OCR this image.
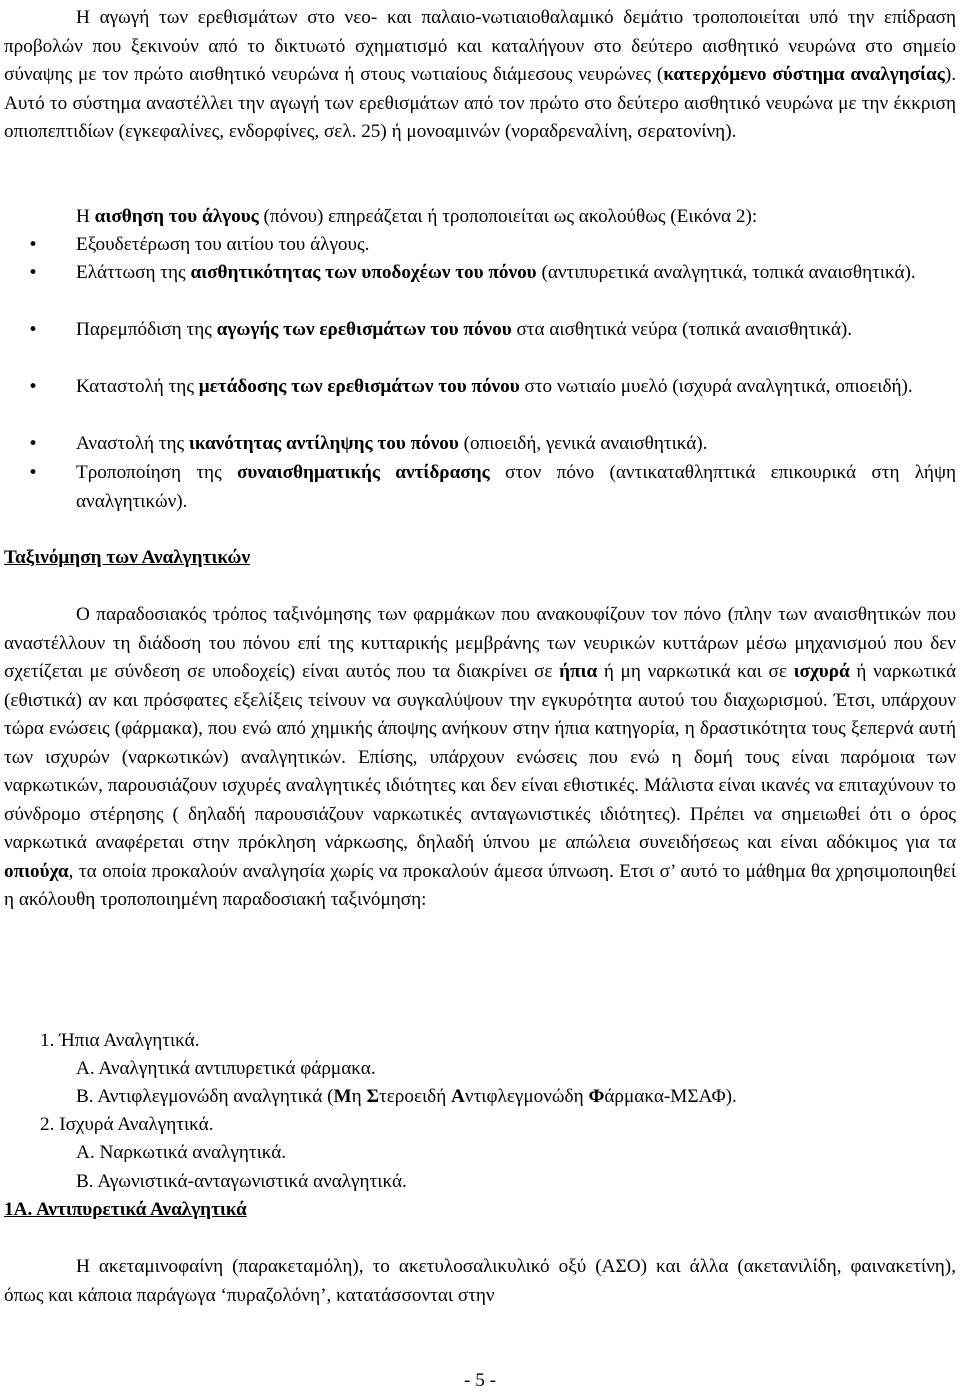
Η αγωγή των ερεθισμάτων στο νεο- και παλαιο-νωτιαιοθαλαμικό δεμάτιο τροποποιείται υπό την επίδραση προβολών που ξεκινούν από το δικτυωτό σχηματισμό και καταλήγουν στο δεύτερο αισθητικό νευρώνα στο σημείο σύναψης με τον πρώτο αισθητικό νευρώνα ή στους νωτιαίους διάμεσους νευρώνες (κατερχόμενο σύστημα αναλγησίας). Αυτό το σύστημα αναστέλλει την αγωγή των ερεθισμάτων από τον πρώτο στο δεύτερο αισθητικό νευρώνα με την έκκριση οπιοπεπτιδίων (εγκεφαλίνες, ενδορφίνες, σελ. 25) ή μονοαμινών (νοραδρεναλίνη, σερατονίνη).

Η αισθηση του άλγους (πόνου) επηρεάζεται ή τροποποιείται ως ακολούθως (Εικόνα 2):

•
Εξουδετέρωση του αιτίου του άλγους.
•
Ελάττωση της αισθητικότητας των υποδοχέων του πόνου (αντιπυρετικά αναλγητικά, τοπικά αναισθητικά).
•
Παρεμπόδιση της αγωγής των ερεθισμάτων του πόνου στα αισθητικά νεύρα (τοπικά αναισθητικά).
•
Καταστολή της μετάδοσης των ερεθισμάτων του πόνου στο νωτιαίο μυελό (ισχυρά αναλγητικά, οπιοειδή).
•
Αναστολή της ικανότητας αντίληψης του πόνου (οπιοειδή, γενικά αναισθητικά).
•
Τροποποίηση της συναισθηματικής αντίδρασης στον πόνο (αντικαταθληπτικά επικουρικά στη λήψη αναλγητικών).
Ταξινόμηση των Αναλγητικών

Ο παραδοσιακός τρόπος ταξινόμησης των φαρμάκων που ανακουφίζουν τον πόνο (πλην των αναισθητικών που αναστέλλουν τη διάδοση του πόνου επί της κυτταρικής μεμβράνης των νευρικών κυττάρων μέσω μηχανισμού που δεν σχετίζεται με σύνδεση σε υποδοχείς) είναι αυτός που τα διακρίνει σε ήπια ή μη ναρκωτικά και σε ισχυρά ή ναρκωτικά (εθιστικά) αν και πρόσφατες εξελίξεις τείνουν να συγκαλύψουν την εγκυρότητα αυτού του διαχωρισμού. Έτσι, υπάρχουν τώρα ενώσεις (φάρμακα), που ενώ από χημικής άποψης ανήκουν στην ήπια κατηγορία, η δραστικότητα τους ξεπερνά αυτή των ισχυρών (ναρκωτικών) αναλγητικών. Επίσης, υπάρχουν ενώσεις που ενώ η δομή τους είναι παρόμοια των ναρκωτικών, παρουσιάζουν ισχυρές αναλγητικές ιδιότητες και δεν είναι εθιστικές. Μάλιστα είναι ικανές να επιταχύνουν το σύνδρομο στέρησης ( δηλαδή παρουσιάζουν ναρκωτικές ανταγωνιστικές ιδιότητες). Πρέπει να σημειωθεί ότι ο όρος ναρκωτικά αναφέρεται στην πρόκληση νάρκωσης, δηλαδή ύπνου με απώλεια συνειδήσεως και είναι αδόκιμος για τα οπιούχα, τα οποία προκαλούν αναλγησία χωρίς να προκαλούν άμεσα ύπνωση. Ετσι σ’ αυτό το μάθημα θα χρησιμοποιηθεί η ακόλουθη τροποποιημένη παραδοσιακή ταξινόμηση:

1. Ήπια Αναλγητικά.
Α. Αναλγητικά αντιπυρετικά φάρμακα.
Β. Αντιφλεγμονώδη αναλγητικά (Μη Στεροειδή Αντιφλεγμονώδη Φάρμακα-ΜΣΑΦ).
2. Ισχυρά Αναλγητικά.
Α. Ναρκωτικά αναλγητικά.
Β. Αγωνιστικά-ανταγωνιστικά αναλγητικά.
1Α. Αντιπυρετικά Αναλγητικά

Η ακεταμινοφαίνη (παρακεταμόλη), το ακετυλοσαλικυλικό οξύ (ΑΣΟ) και άλλα (ακετανιλίδη, φαινακετίνη), όπως και κάποια παράγωγα ‘πυραζολόνη’, κατατάσσονται στην

- 5 -
